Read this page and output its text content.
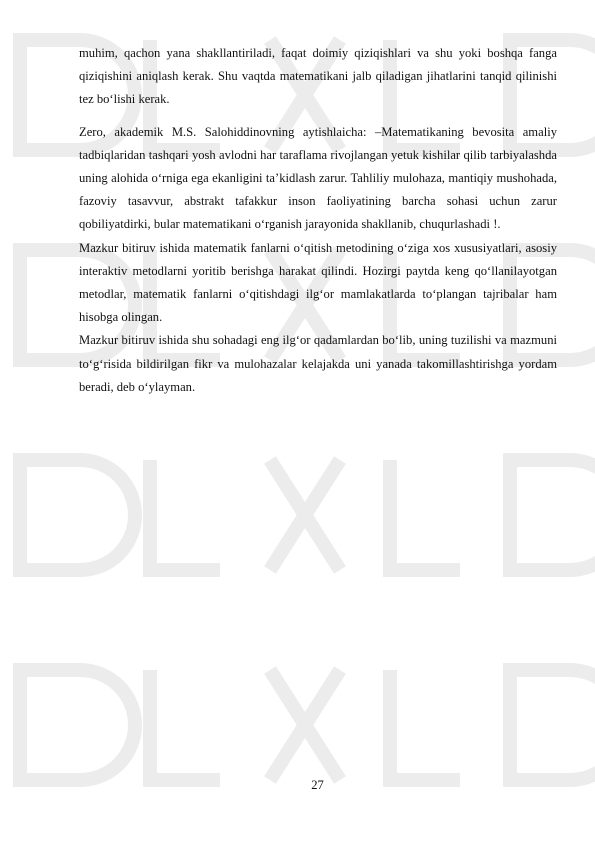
muhim, qachon yana shakllantiriladi, faqat doimiy qiziqishlari va shu yoki boshqa fanga qiziqishini aniqlash kerak. Shu vaqtda matematikani jalb qiladigan jihatlarini tanqid qilinishi tez bo‘lishi kerak.

Zero, akademik M.S. Salohiddinovning aytishlaicha: –Matematikaning bevosita amaliy tadbiqlaridan tashqari yosh avlodni har taraflama rivojlangan yetuk kishilar qilib tarbiyalashda uning alohida o‘rniga ega ekanligini ta’kidlash zarur. Tahliliy mulohaza, mantiqiy mushohada, fazoviy tasavvur, abstrakt tafakkur inson faoliyatining barcha sohasi uchun zarur qobiliyatdirki, bular matematikani o‘rganish jarayonida shakllanib, chuqurlashadi !.

Mazkur bitiruv ishida matematik fanlarni o‘qitish metodining o‘ziga xos xususiyatlari, asosiy interaktiv metodlarni yoritib berishga harakat qilindi. Hozirgi paytda keng qo‘llanilayotgan metodlar, matematik fanlarni o‘qitishdagi ilg‘or mamlakatlarda to‘plangan tajribalar ham hisobga olingan.

Mazkur bitiruv ishida shu sohadagi eng ilg‘or qadamlardan bo‘lib, uning tuzilishi va mazmuni to‘g‘risida bildirilgan fikr va mulohazalar kelajakda uni yanada takomillashtirishga yordam beradi, deb o‘ylayman.

27
